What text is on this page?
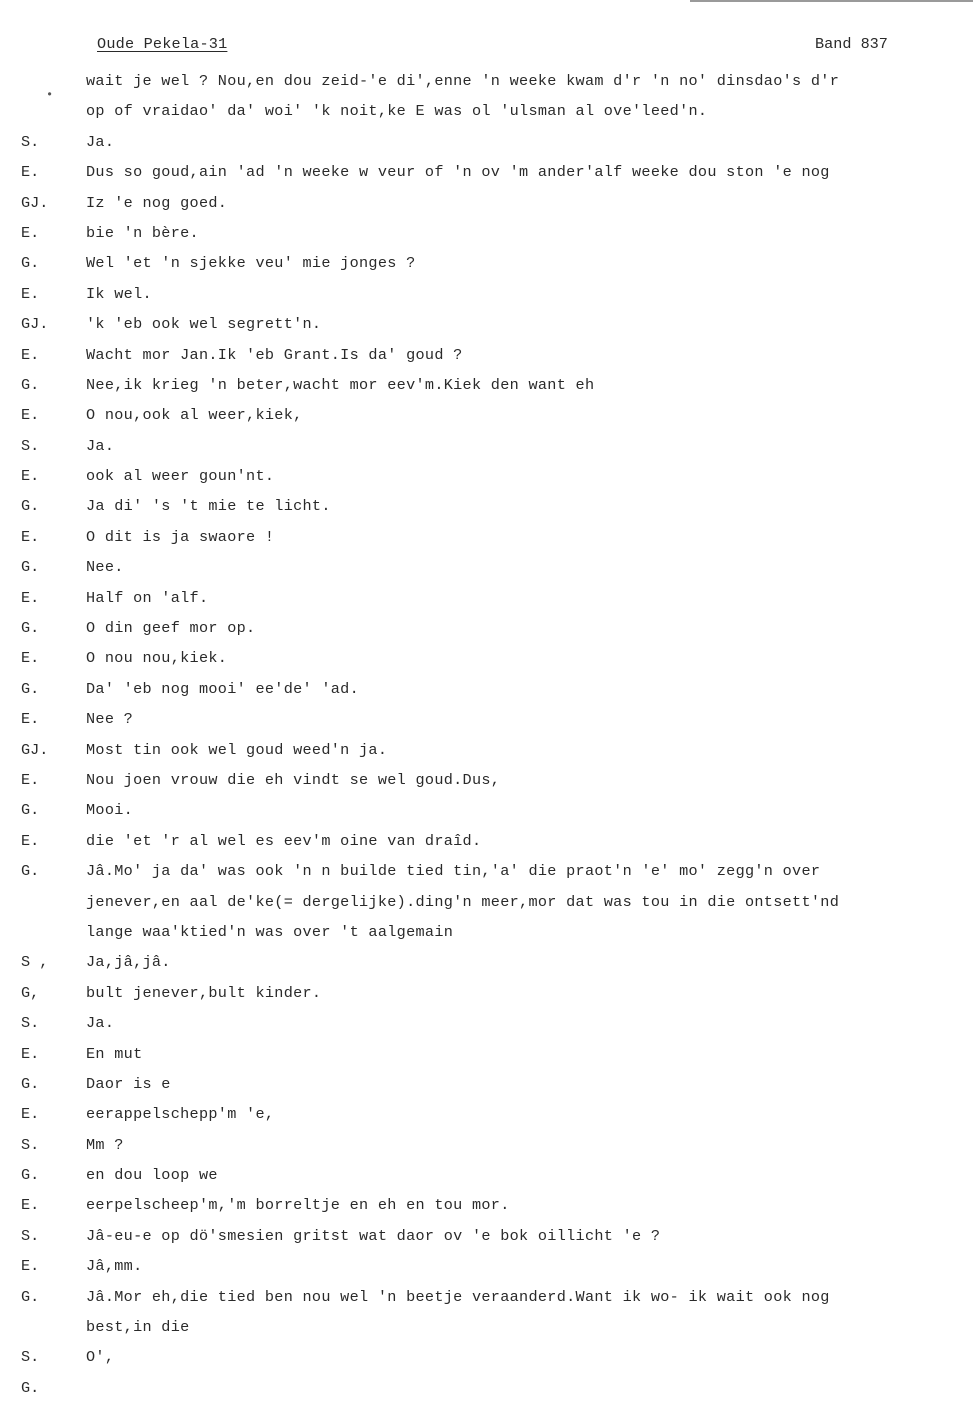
Oude Pekela-31	Band 837
•
wait je wel ? Nou,en dou zeid-'e di',enne 'n weeke kwam d'r 'n no' dinsdao's d'r
op of vraidao' da' woi' 'k noit,ke E was ol 'ulsman al ove'leed'n.
S.	Ja.
E.	Dus so goud,ain 'ad 'n weeke w veur of 'n ov 'm ander'alf weeke dou ston 'e nog
GJ. Iz 'e nog goed.
E.	bie 'n bère.
G.	Wel 'et 'n sjekke veu' mie jonges ?
E.	Ik wel.
GJ. 'k 'eb ook wel segrett'n.
E.	Wacht mor Jan.Ik 'eb Grant.Is da' goud ?
G.	Nee,ik krieg 'n beter,wacht mor eev'm.Kiek den want eh
E.	O nou,ook al weer,kiek,
S.	Ja.
E.	ook al weer goun'nt.
G.	Ja di' 's 't mie te licht.
E.	O dit is ja swaore !
G.	Nee.
E.	Half on 'alf.
G.	O din geef mor op.
E.	O nou nou,kiek.
G.	Da' 'eb nog mooi' ee'de' 'ad.
E.	Nee ?
GJ. Most tin ook wel goud weed'n ja.
E.	Nou joen vrouw die eh vindt se wel goud.Dus,
G.	Mooi.
E.	die 'et 'r al wel es eev'm oine van draîd.
G.	Jâ.Mo' ja da' was ook 'n n builde tied tin,'a' die praot'n 'e' mo' zegg'n over
jenever,en aal de'ke(= dergelijke).ding'n meer,mor dat was tou in die ontsett'nd
lange waa'ktied'n was over 't aalgemain
S , Ja,jâ,jâ.
G,	bult jenever,bult kinder.
S.	Ja.
E.	En mut
G.	Daor is e
E.	eerappelschepp'm 'e,
S.	Mm ?
G.	en dou loop we
E.	eerpelscheep'm,'m borreltje en eh en tou mor.
S.	Jâ-eu-e op dö'smesien gritst wat daor ov 'e bok oillicht 'e ?
E.	Jâ,mm.
G.	Jâ.Mor eh,die tied ben nou wel 'n beetje veraanderd.Want ik wo- ik wait ook nog
best,in die
S.	O',
G.
